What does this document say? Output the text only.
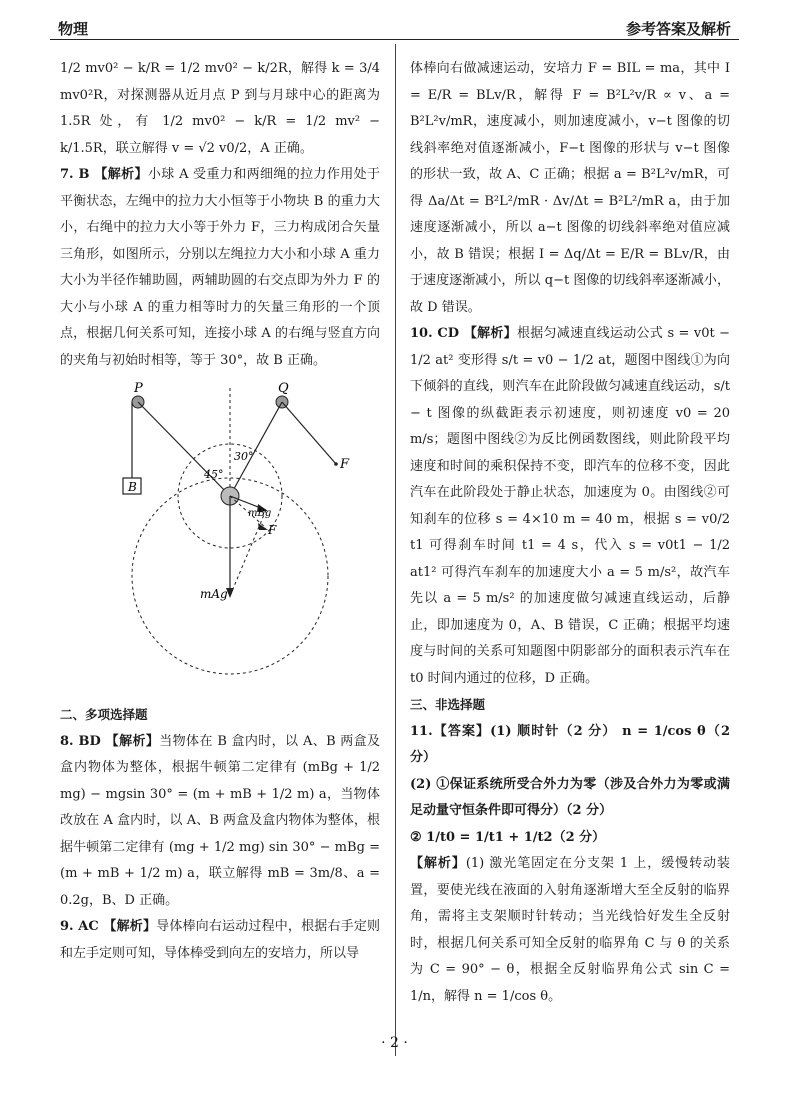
物理	参考答案及解析

1/2 mv0² − k/R = 1/2 mv0² − k/2R，解得 k = 3/4 mv0²R，对探测器从近月点 P 到与月球中心的距离为 1.5R 处，有 1/2 mv0² − k/R = 1/2 mv² − k/1.5R，联立解得 v = √2 v0/2，A 正确。

7. B 【解析】小球 A 受重力和两细绳的拉力作用处于平衡状态，左绳中的拉力大小恒等于小物块 B 的重力大小，右绳中的拉力大小等于外力 F，三力构成闭合矢量三角形，如图所示，分别以左绳拉力大小和小球 A 重力大小为半径作辅助圆，两辅助圆的右交点即为外力 F 的大小与小球 A 的重力相等时力的矢量三角形的一个顶点，根据几何关系可知，连接小球 A 的右绳与竖直方向的夹角与初始时相等，等于 30°，故 B 正确。

B
45°
30°
P	Q
F
F
mBg
mAg

二、多项选择题

8. BD 【解析】当物体在 B 盒内时，以 A、B 两盒及盒内物体为整体，根据牛顿第二定律有 (mBg + 1/2 mg) − mgsin 30° = (m + mB + 1/2 m) a，当物体改放在 A 盒内时，以 A、B 两盒及盒内物体为整体，根据牛顿第二定律有 (mg + 1/2 mg) sin 30° − mBg = (m + mB + 1/2 m) a，联立解得 mB = 3m/8、a = 0.2g，B、D 正确。

9. AC 【解析】导体棒向右运动过程中，根据右手定则和左手定则可知，导体棒受到向左的安培力，所以导

体棒向右做减速运动，安培力 F = BIL = ma，其中 I = E/R = BLv/R，解得 F = B²L²v/R ∝ v、a = B²L²v/mR，速度减小，则加速度减小，v−t 图像的切线斜率绝对值逐渐减小，F−t 图像的形状与 v−t 图像的形状一致，故 A、C 正确；根据 a = B²L²v/mR，可得 Δa/Δt = B²L²/mR · Δv/Δt = B²L²/mR a，由于加速度逐渐减小，所以 a−t 图像的切线斜率绝对值应减小，故 B 错误；根据 I = Δq/Δt = E/R = BLv/R，由于速度逐渐减小，所以 q−t 图像的切线斜率逐渐减小，故 D 错误。

10. CD 【解析】根据匀减速直线运动公式 s = v0t − 1/2 at² 变形得 s/t = v0 − 1/2 at，题图中图线①为向下倾斜的直线，则汽车在此阶段做匀减速直线运动，s/t − t 图像的纵截距表示初速度，则初速度 v0 = 20 m/s；题图中图线②为反比例函数图线，则此阶段平均速度和时间的乘积保持不变，即汽车的位移不变，因此汽车在此阶段处于静止状态，加速度为 0。由图线②可知刹车的位移 s = 4×10 m = 40 m，根据 s = v0/2 t1 可得刹车时间 t1 = 4 s，代入 s = v0t1 − 1/2 at1² 可得汽车刹车的加速度大小 a = 5 m/s²，故汽车先以 a = 5 m/s² 的加速度做匀减速直线运动，后静止，即加速度为 0，A、B 错误，C 正确；根据平均速度与时间的关系可知题图中阴影部分的面积表示汽车在 t0 时间内通过的位移，D 正确。

三、非选择题

11.【答案】(1) 顺时针（2 分） n = 1/cos θ（2 分）

(2) ①保证系统所受合外力为零（涉及合外力为零或满足动量守恒条件即可得分）（2 分）

② 1/t0 = 1/t1 + 1/t2（2 分）

【解析】(1) 激光笔固定在分支架 1 上，缓慢转动装置，要使光线在液面的入射角逐渐增大至全反射的临界角，需将主支架顺时针转动；当光线恰好发生全反射时，根据几何关系可知全反射的临界角 C 与 θ 的关系为 C = 90° − θ，根据全反射临界角公式 sin C = 1/n，解得 n = 1/cos θ。

· 2 ·
